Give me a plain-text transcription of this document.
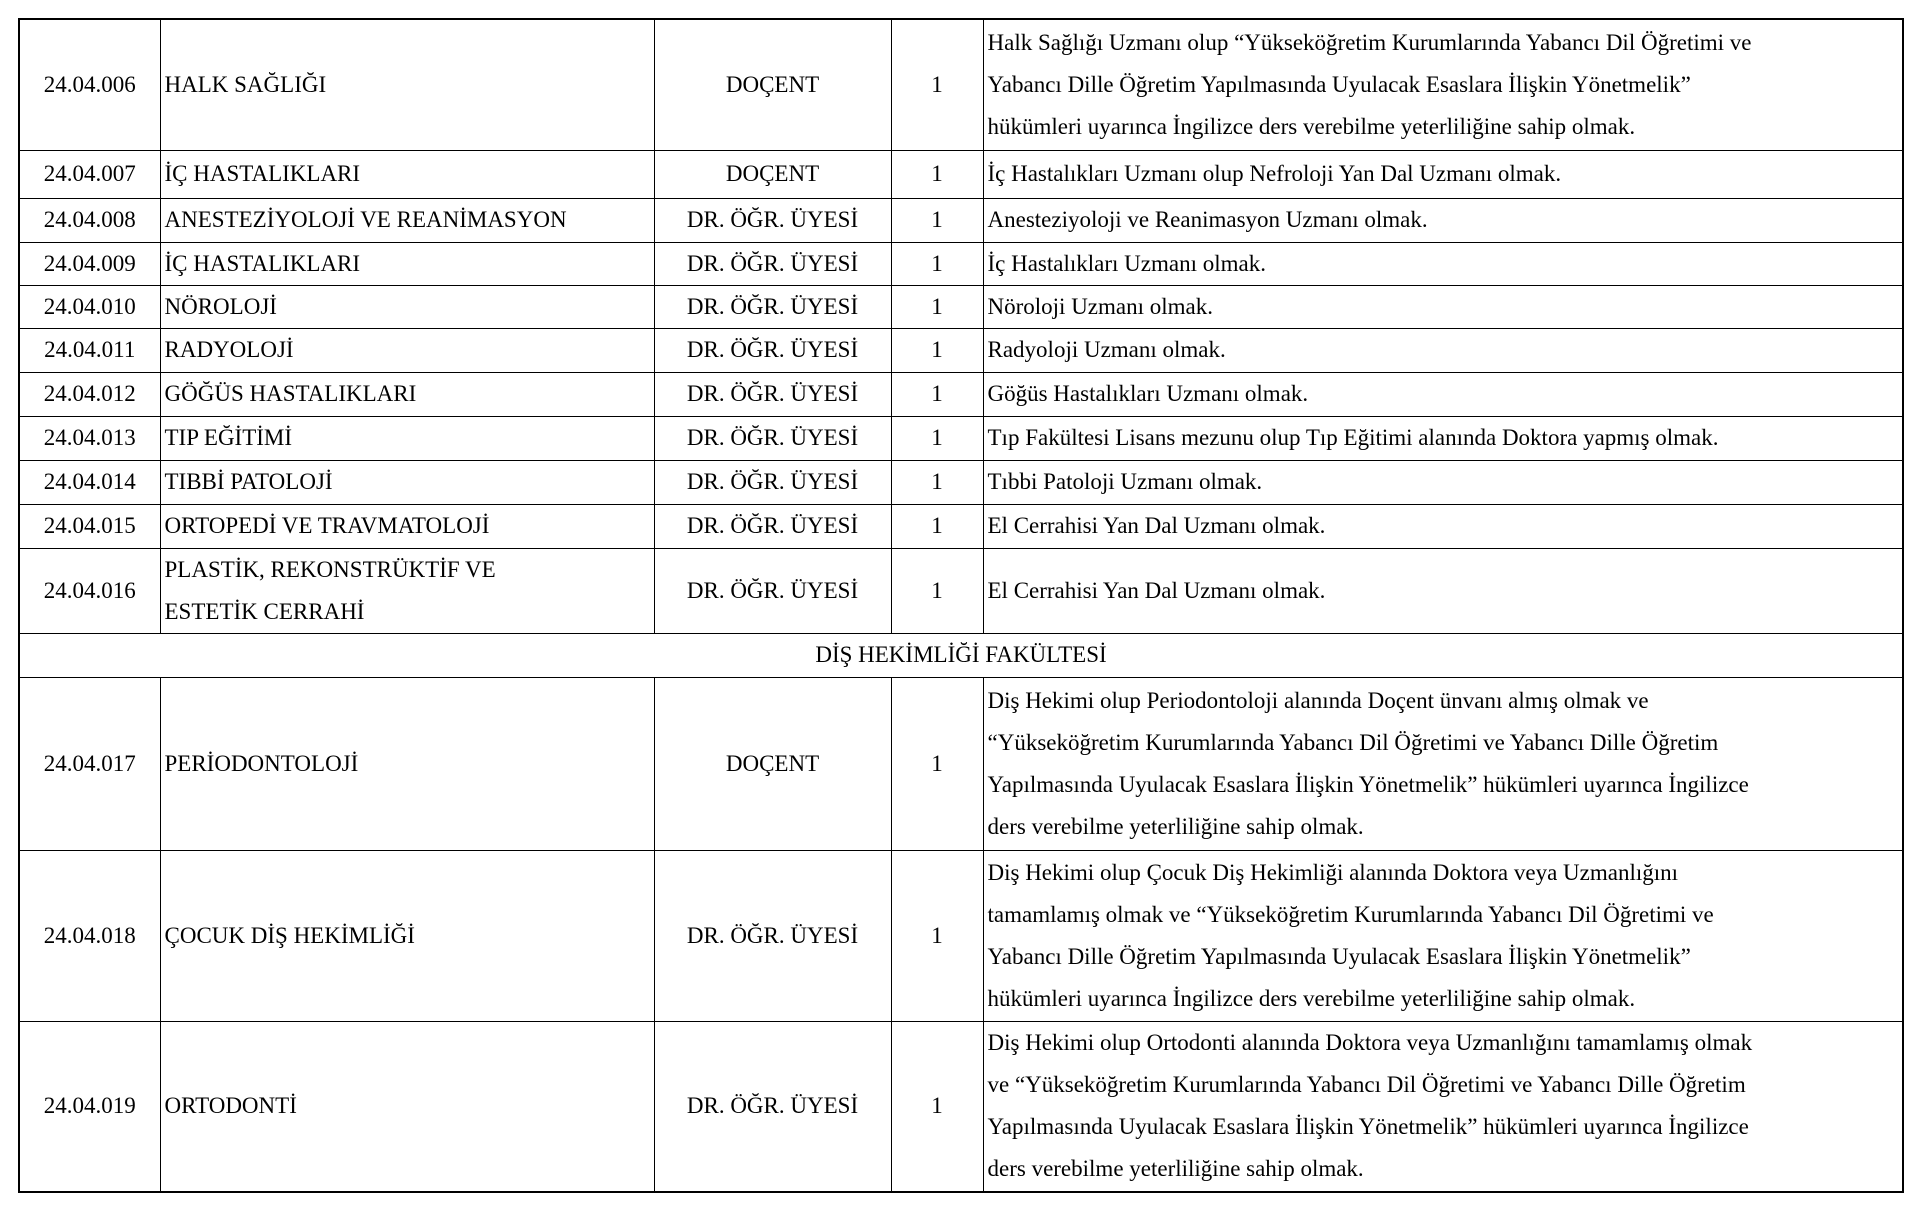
24.04.006	HALK SAĞLIĞI	DOÇENT	1	Halk Sağlığı Uzmanı olup “Yükseköğretim Kurumlarında Yabancı Dil Öğretimi ve
Yabancı Dille Öğretim Yapılmasında Uyulacak Esaslara İlişkin Yönetmelik”
hükümleri uyarınca İngilizce ders verebilme yeterliliğine sahip olmak.

24.04.007	İÇ HASTALIKLARI	DOÇENT	1	İç Hastalıkları Uzmanı olup Nefroloji Yan Dal Uzmanı olmak.

24.04.008	ANESTEZİYOLOJİ VE REANİMASYON	DR. ÖĞR. ÜYESİ	1	Anesteziyoloji ve Reanimasyon Uzmanı olmak.

24.04.009	İÇ HASTALIKLARI	DR. ÖĞR. ÜYESİ	1	İç Hastalıkları Uzmanı olmak.

24.04.010	NÖROLOJİ	DR. ÖĞR. ÜYESİ	1	Nöroloji Uzmanı olmak.

24.04.011	RADYOLOJİ	DR. ÖĞR. ÜYESİ	1	Radyoloji Uzmanı olmak.

24.04.012	GÖĞÜS HASTALIKLARI	DR. ÖĞR. ÜYESİ	1	Göğüs Hastalıkları Uzmanı olmak.

24.04.013	TIP EĞİTİMİ	DR. ÖĞR. ÜYESİ	1	Tıp Fakültesi Lisans mezunu olup Tıp Eğitimi alanında Doktora yapmış olmak.

24.04.014	TIBBİ PATOLOJİ	DR. ÖĞR. ÜYESİ	1	Tıbbi Patoloji Uzmanı olmak.

24.04.015	ORTOPEDİ VE TRAVMATOLOJİ	DR. ÖĞR. ÜYESİ	1	El Cerrahisi Yan Dal Uzmanı olmak.

24.04.016	PLASTİK, REKONSTRÜKTİF VE
ESTETİK CERRAHİ	DR. ÖĞR. ÜYESİ	1	El Cerrahisi Yan Dal Uzmanı olmak.

DİŞ HEKİMLİĞİ FAKÜLTESİ				
24.04.017	PERİODONTOLOJİ	DOÇENT	1	Diş Hekimi olup Periodontoloji alanında Doçent ünvanı almış olmak ve
“Yükseköğretim Kurumlarında Yabancı Dil Öğretimi ve Yabancı Dille Öğretim
Yapılmasında Uyulacak Esaslara İlişkin Yönetmelik” hükümleri uyarınca İngilizce
ders verebilme yeterliliğine sahip olmak.

24.04.018	ÇOCUK DİŞ HEKİMLİĞİ	DR. ÖĞR. ÜYESİ	1	Diş Hekimi olup Çocuk Diş Hekimliği alanında Doktora veya Uzmanlığını
tamamlamış olmak ve “Yükseköğretim Kurumlarında Yabancı Dil Öğretimi ve
Yabancı Dille Öğretim Yapılmasında Uyulacak Esaslara İlişkin Yönetmelik”
hükümleri uyarınca İngilizce ders verebilme yeterliliğine sahip olmak.

24.04.019	ORTODONTİ	DR. ÖĞR. ÜYESİ	1	Diş Hekimi olup Ortodonti alanında Doktora veya Uzmanlığını tamamlamış olmak
ve “Yükseköğretim Kurumlarında Yabancı Dil Öğretimi ve Yabancı Dille Öğretim
Yapılmasında Uyulacak Esaslara İlişkin Yönetmelik” hükümleri uyarınca İngilizce
ders verebilme yeterliliğine sahip olmak.
